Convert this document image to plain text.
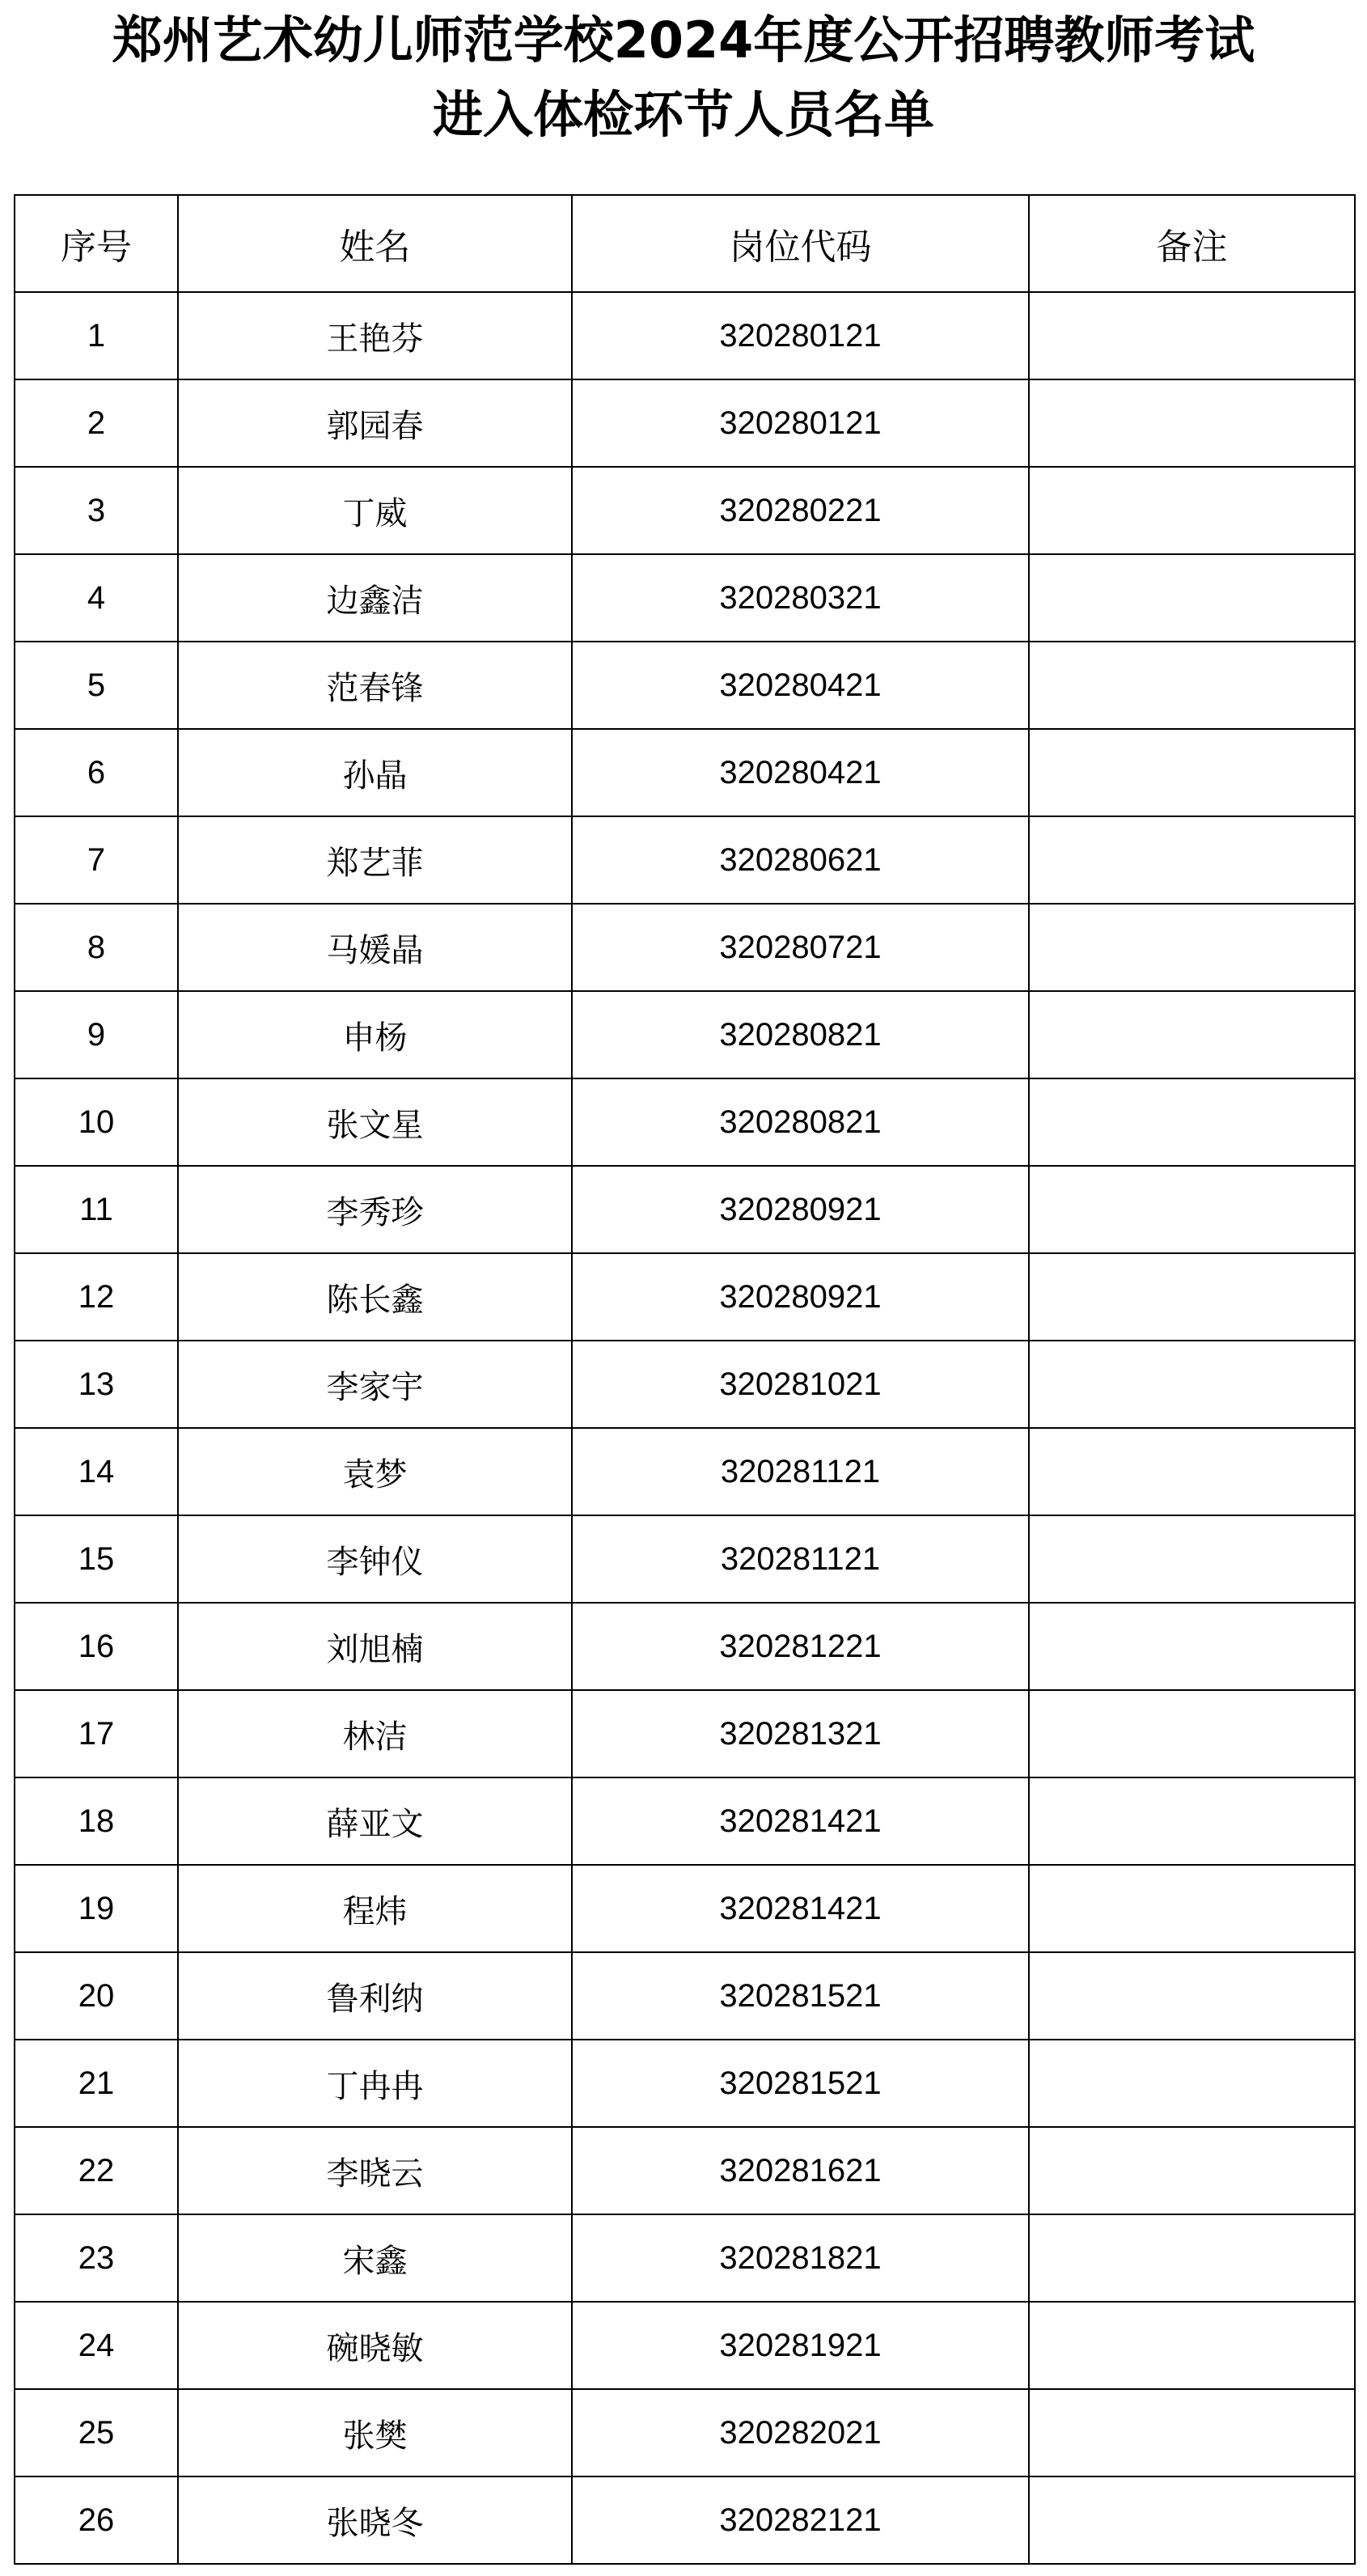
郑州艺术幼儿师范学校2024年度公开招聘教师考试
进入体检环节人员名单
序号	姓名	岗位代码	备注
1	王艳芬	320280121	
2	郭园春	320280121	
3	丁威	320280221	
4	边鑫洁	320280321	
5	范春锋	320280421	
6	孙晶	320280421	
7	郑艺菲	320280621	
8	马媛晶	320280721	
9	申杨	320280821	
10	张文星	320280821	
11	李秀珍	320280921	
12	陈长鑫	320280921	
13	李家宇	320281021	
14	袁梦	320281121	
15	李钟仪	320281121	
16	刘旭楠	320281221	
17	林洁	320281321	
18	薛亚文	320281421	
19	程炜	320281421	
20	鲁利纳	320281521	
21	丁冉冉	320281521	
22	李晓云	320281621	
23	宋鑫	320281821	
24	碗晓敏	320281921	
25	张樊	320282021	
26	张晓冬	320282121	
